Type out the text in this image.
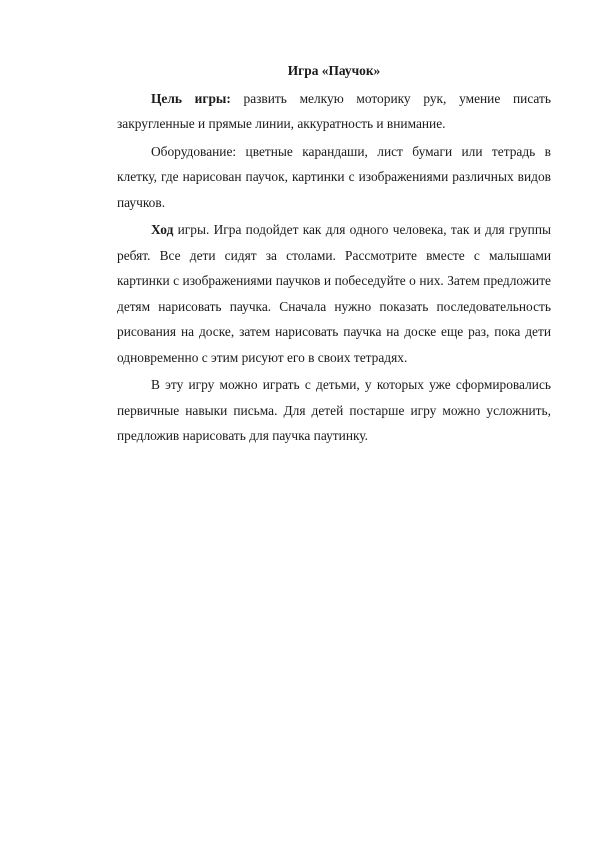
Игра «Паучок»

Цель игры: развить мелкую моторику рук, умение писать закругленные и прямые линии, аккуратность и внимание.

Оборудование: цветные карандаши, лист бумаги или тетрадь в клетку, где нарисован паучок, картинки с изображениями различных видов паучков.

Ход игры. Игра подойдет как для одного человека, так и для группы ребят. Все дети сидят за столами. Рассмотрите вместе с малышами картинки с изображениями паучков и побеседуйте о них. Затем предложите детям нарисовать паучка. Сначала нужно показать последовательность рисования на доске, затем нарисовать паучка на доске еще раз, пока дети одновременно с этим рисуют его в своих тетрадях.

В эту игру можно играть с детьми, у которых уже сформировались первичные навыки письма. Для детей постарше игру можно усложнить, предложив нарисовать для паучка паутинку.
